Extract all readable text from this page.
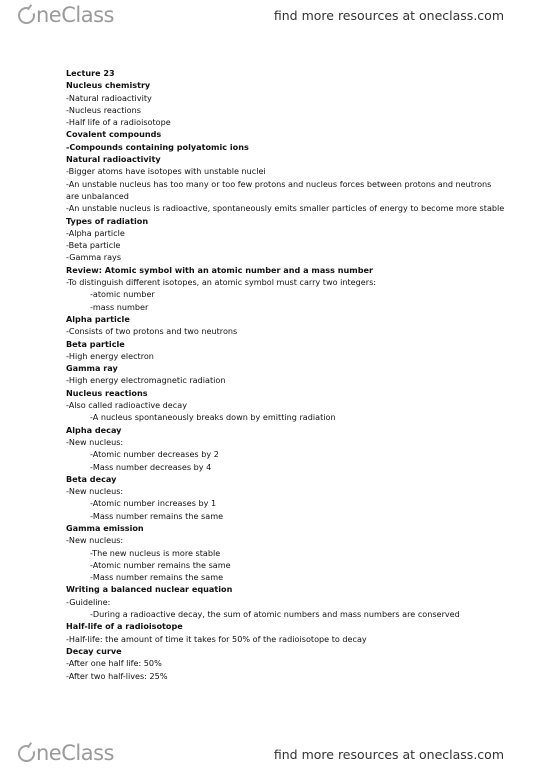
neClass	find more resources at oneclass.com
Lecture 23
Nucleus chemistry
-Natural radioactivity
-Nucleus reactions
-Half life of a radioisotope
Covalent compounds
-Compounds containing polyatomic ions
Natural radioactivity
-Bigger atoms have isotopes with unstable nuclei
-An unstable nucleus has too many or too few protons and nucleus forces between protons and neutrons are unbalanced
-An unstable nucleus is radioactive, spontaneously emits smaller particles of energy to become more stable
Types of radiation
-Alpha particle
-Beta particle
-Gamma rays
Review: Atomic symbol with an atomic number and a mass number
-To distinguish different isotopes, an atomic symbol must carry two integers:
-atomic number
-mass number
Alpha particle
-Consists of two protons and two neutrons
Beta particle
-High energy electron
Gamma ray
-High energy electromagnetic radiation
Nucleus reactions
-Also called radioactive decay
-A nucleus spontaneously breaks down by emitting radiation
Alpha decay
-New nucleus:
-Atomic number decreases by 2
-Mass number decreases by 4
Beta decay
-New nucleus:
-Atomic number increases by 1
-Mass number remains the same
Gamma emission
-New nucleus:
-The new nucleus is more stable
-Atomic number remains the same
-Mass number remains the same
Writing a balanced nuclear equation
-Guideline:
-During a radioactive decay, the sum of atomic numbers and mass numbers are conserved
Half-life of a radioisotope
-Half-life: the amount of time it takes for 50% of the radioisotope to decay
Decay curve
-After one half life: 50%
-After two half-lives: 25%
neClass	find more resources at oneclass.com
